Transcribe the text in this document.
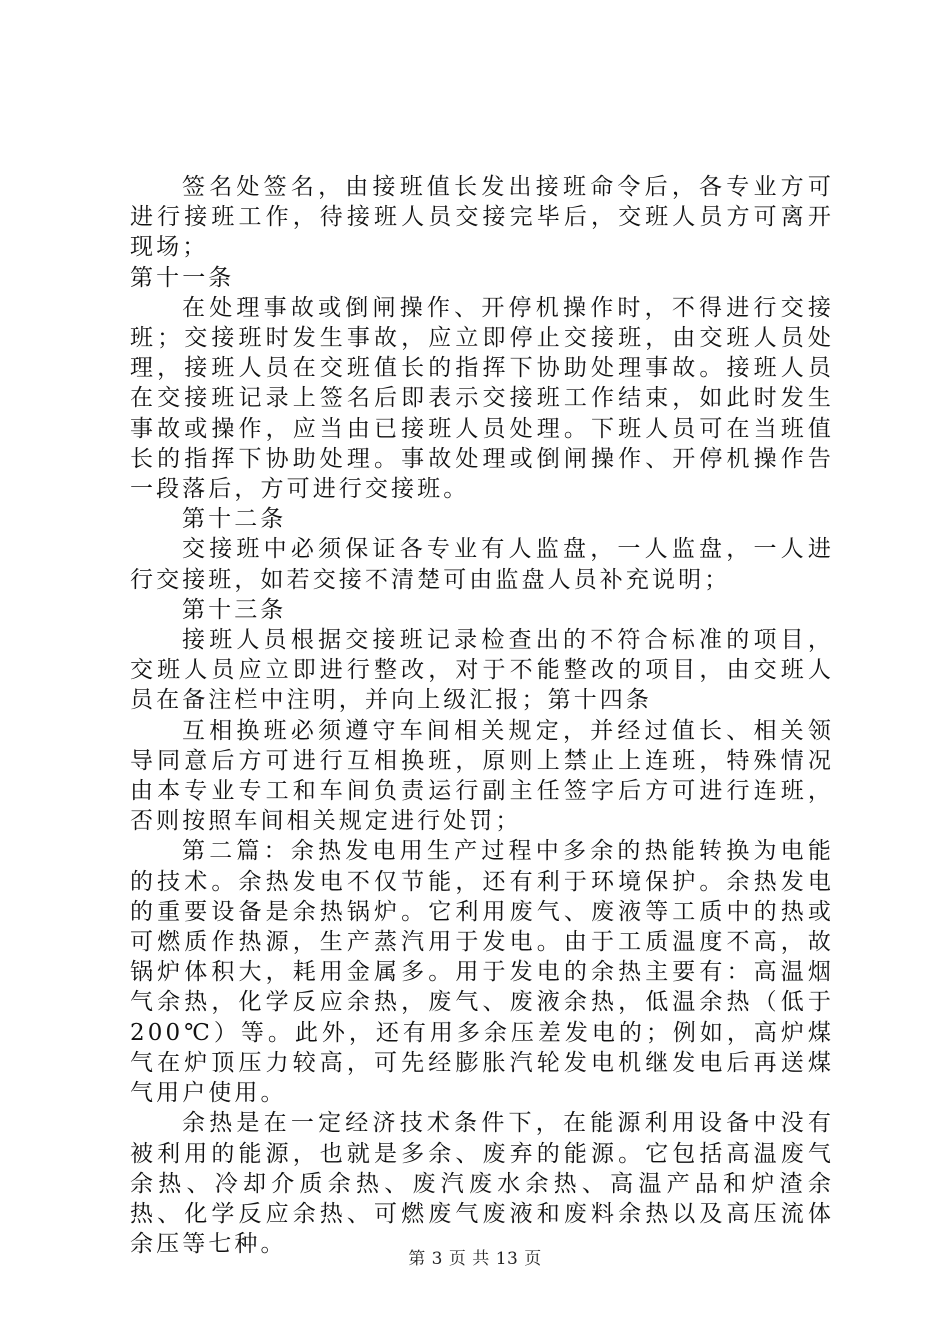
签名处签名，由接班值长发出接班命令后，各专业方可进行接班工作，待接班人员交接完毕后，交班人员方可离开现场；

第十一条

在处理事故或倒闸操作、开停机操作时，不得进行交接班；交接班时发生事故，应立即停止交接班，由交班人员处理，接班人员在交班值长的指挥下协助处理事故。接班人员在交接班记录上签名后即表示交接班工作结束，如此时发生事故或操作，应当由已接班人员处理。下班人员可在当班值长的指挥下协助处理。事故处理或倒闸操作、开停机操作告一段落后，方可进行交接班。

第十二条

交接班中必须保证各专业有人监盘，一人监盘，一人进行交接班，如若交接不清楚可由监盘人员补充说明；

第十三条

接班人员根据交接班记录检查出的不符合标准的项目，交班人员应立即进行整改，对于不能整改的项目，由交班人员在备注栏中注明，并向上级汇报；第十四条

互相换班必须遵守车间相关规定，并经过值长、相关领导同意后方可进行互相换班，原则上禁止上连班，特殊情况由本专业专工和车间负责运行副主任签字后方可进行连班，否则按照车间相关规定进行处罚；

第二篇：余热发电用生产过程中多余的热能转换为电能的技术。余热发电不仅节能，还有利于环境保护。余热发电的重要设备是余热锅炉。它利用废气、废液等工质中的热或可燃质作热源，生产蒸汽用于发电。由于工质温度不高，故锅炉体积大，耗用金属多。用于发电的余热主要有：高温烟气余热，化学反应余热，废气、废液余热，低温余热（低于 200℃）等。此外，还有用多余压差发电的；例如，高炉煤气在炉顶压力较高，可先经膨胀汽轮发电机继发电后再送煤气用户使用。

余热是在一定经济技术条件下，在能源利用设备中没有被利用的能源，也就是多余、废弃的能源。它包括高温废气余热、冷却介质余热、废汽废水余热、高温产品和炉渣余热、化学反应余热、可燃废气废液和废料余热以及高压流体余压等七种。

第 3 页 共 13 页
